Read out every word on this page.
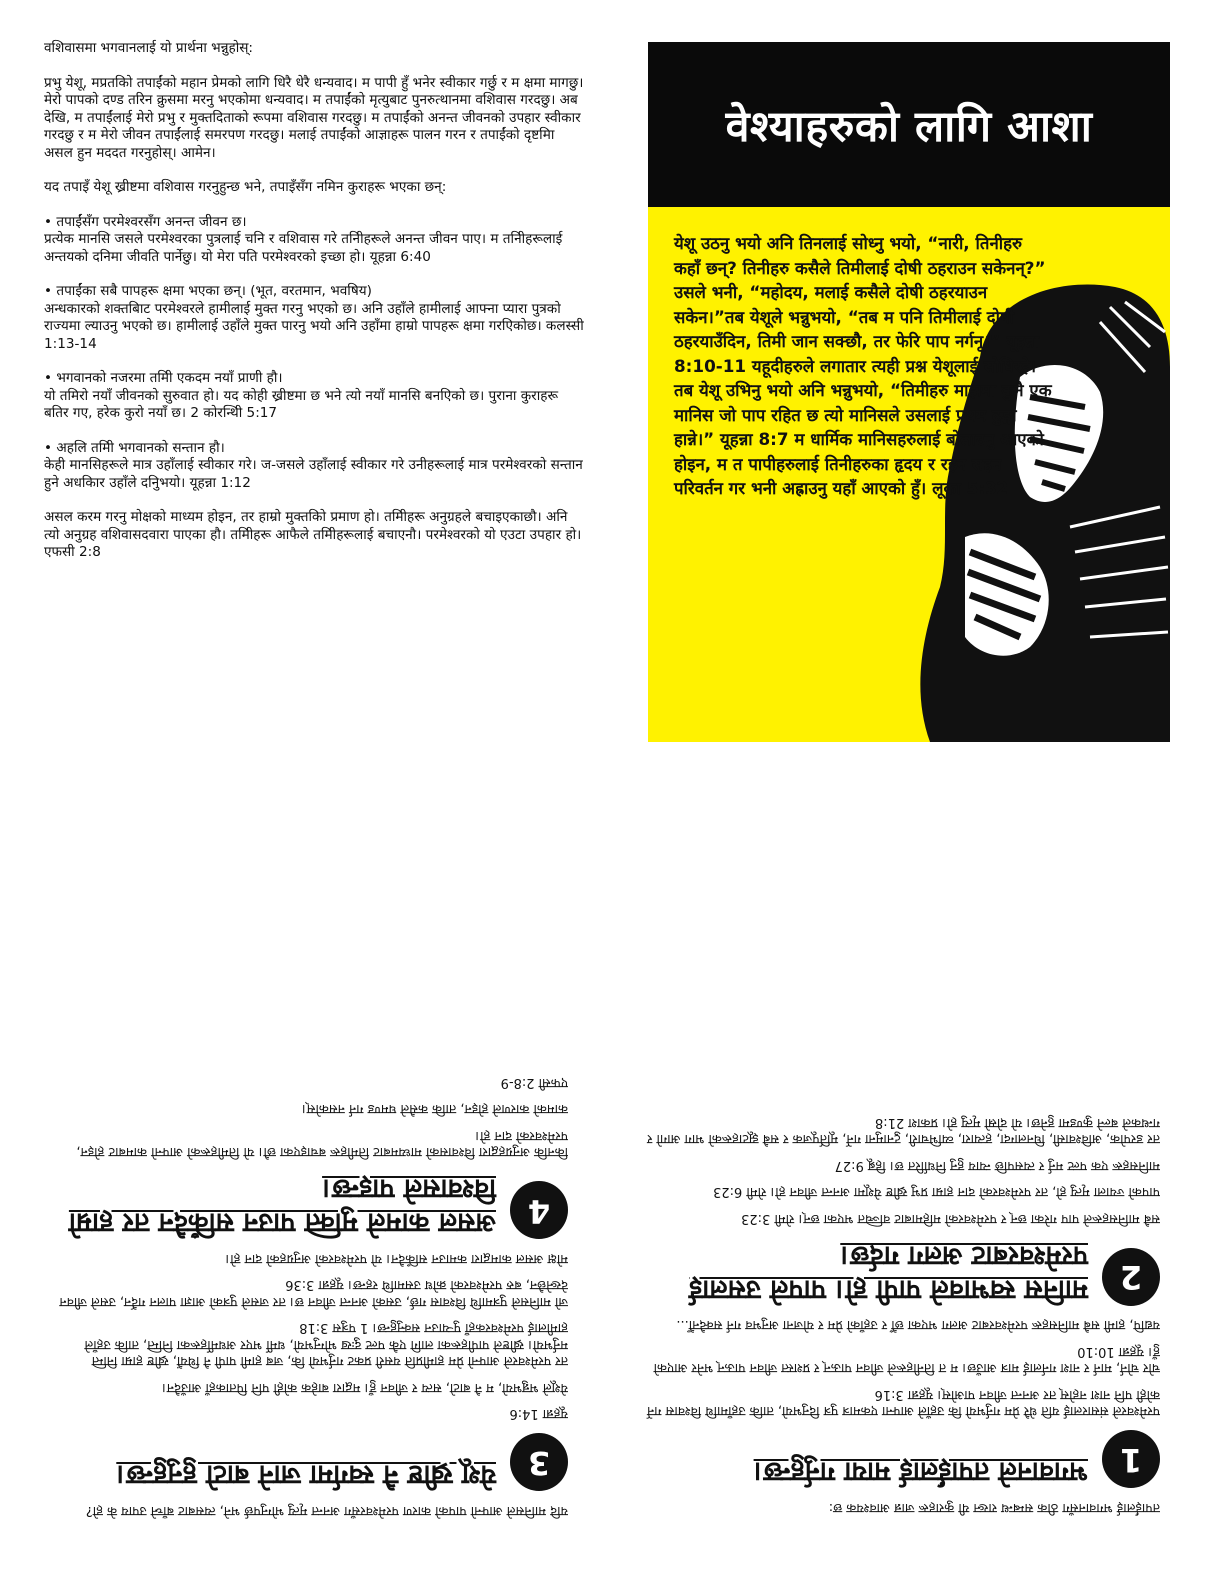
वशिवासमा भगवानलाई यो प्रार्थना भन्नुहोस्:

प्रभु येशू, मप्रतकिो तपाईंको महान प्रेमको लागि धिरै धेरै धन्यवाद। म पापी हुँ भनेर स्वीकार गर्छु र म क्षमा मागछु। मेरो पापको दण्ड तरिन क्रुसमा मरनु भएकोमा धन्यवाद। म तपाईंको मृत्युबाट पुनरुत्थानमा वशिवास गरदछु। अब देखि, म तपाईंलाई मेरो प्रभु र मुक्तदिताको रूपमा वशिवास गरदछु। म तपाईंको अनन्त जीवनको उपहार स्वीकार गरदछु र म मेरो जीवन तपाईंलाई समरपण गरदछु। मलाई तपाईंको आज्ञाहरू पालन गरन र तपाईंको दृष्टमिा असल हुन मददत गरनुहोस्। आमेन।

यद तपाइँ येशू ख्रीष्टमा वशिवास गरनुहुन्छ भने, तपाइँसँग नमिन कुराहरू भएका छन्:

• तपाईंसँग परमेश्वरसँग अनन्त जीवन छ।
प्रत्येक मानसि जसले परमेश्वरका पुत्रलाई चनि र वशिवास गरे तनिीहरूले अनन्त जीवन पाए। म तनिीहरूलाई अन्तयको दनिमा जीवति पार्नेछु। यो मेरा पति परमेश्वरको इच्छा हो। यूहन्ना 6:40
• तपाईंका सबै पापहरू क्षमा भएका छन्। (भूत, वरतमान, भवषिय)
अन्धकारको शक्तबिाट परमेश्वरले हामीलाई मुक्त गरनु भएको छ। अनि उहाँले हामीलाई आफ्ना प्यारा पुत्रको राज्यमा ल्याउनु भएको छ। हामीलाई उहाँले मुक्त पारनु भयो अनि उहाँमा हाम्रो पापहरू क्षमा गरएिकोछ। कलस्सी 1:13-14
• भगवानको नजरमा तमिी एकदम नयाँ प्राणी हौ।
यो तमिरो नयाँ जीवनको सुरुवात हो। यद कोही ख्रीष्टमा छ भने त्यो नयाँ मानसि बनएिको छ। पुराना कुराहरू बतिर गए, हरेक कुरो नयाँ छ। 2 कोरन्थिी 5:17
• अहलि तमिी भगवानको सन्तान हौ।
केही मानसिहरूले मात्र उहाँलाई स्वीकार गरे। ज-जसले उहाँलाई स्वीकार गरे उनीहरूलाई मात्र परमेश्वरको सन्तान हुने अधकिार उहाँले दनिुभयो। यूहन्ना 1:12

असल करम गरनु मोक्षको माध्यम होइन, तर हाम्रो मुक्तकिो प्रमाण हो। तमिीहरू अनुग्रहले बचाइएकाछौ। अनि त्यो अनुग्रह वशिवासदवारा पाएका हौ। तमिीहरू आफैले तमिीहरूलाई बचाएनौ। परमेश्वरको यो एउटा उपहार हो। एफसी 2:8

वेश्याहरुको लागि आशा

येशू उठनु भयो अनि तिनलाई सोध्नु भयो, “नारी, तिनीहरु कहाँ छन्? तिनीहरु कसैले तिमीलाई दोषी ठहराउन सकेनन्?” उसले भनी, “महोदय, मलाई कसैले दोषी ठहरयाउन सकेन।”तब येशूले भन्नुभयो, “तब म पनि तिमीलाई दोषी ठहरयाउँदिन, तिमी जान सक्छौ, तर फेरि पाप नर्गनू।” यूहन्ना 8:10-11 यहूदीहरुले लगातार त्यही प्रश्न येशूलाई सोधिरहे। तब येशू उभिनु भयो अनि भन्नुभयो, “तिमीहरु माझमा कुनै एक मानिस जो पाप रहित छ त्यो मानिसले उसलाई प्रथम ढुङ्गा हान्ने।” यूहन्ना 8:7 म धार्मिक मानिसहरुलाई बोलाउनु आएको होइन, म त पापीहरुलाई तिनीहरुका हृदय र रहन सहन परिवर्तन गर भनी अह्राउनु यहाँ आएको हुँ। लूका 5:32

यदि मानिसले आफ्नो पापको कारण परमेश्वरसँग अनन्त मृत्यु भोग्नुपर्छ भने, त्यसबाट बाँच्ने उपाय के हो?

3
येशू ख्रीष्ट नै स्वर्गमा जाने बाटो हुनुहुन्छ।

यूहन्ना 14:6

येशूले भन्नुभयो, म नै बाटो, सत्य र जीवन हुँ। मद्वारा बाहेक कोही पनि पिताकहाँ आउँदैन।

तर परमेश्वरले आफ्नो प्रेम हामीप्रति यसरी प्रकट गर्नुभयो कि, जब हामी पापी नै थियौं, ख्रीष्ट हाम्रा निम्ति मर्नुभयो। ख्रीष्टले पापीहरूका लागि एकै पल्ट दुःख भोग्नुभयो, धर्मी भएर अधर्मीहरूका निम्ति, ताकि उहाँले हामीलाई परमेश्वरकहाँ पुर्‍याउन सक्नुहुन्छ। 1 पत्रुस 3:18

जो मानिसले पुत्रमाथि विश्वास गर्छ, उसको अनन्त जीवन छ। तर जसले पुत्रको आज्ञा पालन गर्दैन, उसले जीवन देख्नेछैन, बरु परमेश्वरको क्रोध उसमाथि रहन्छ। यूहन्ना 3:36

मोक्ष असल कामद्वारा कमाउन सकिँदैन। यो परमेश्वरको अनुग्रहको दान हो।

4
असल कामले मुक्ति पाउन सकिँदैन तर हाम्रो विश्वासले पाइन्छ।

किनकि अनुग्रहद्वारा विश्वासको माध्यमबाट तिमीहरू बचाइएका छौ। यो तिमीहरूको आफ्नो कामबाट होइन, परमेश्वरको दान हो।

कामको कारणले होइन, ताकि कसैले घमण्ड गर्न नसकोस्।

एफसी 2:8-9

तपाईंलाई भगवानसँग ठीक सम्बन्ध राख्न यी कुराहरू जान्न आवश्यक छ:

1
भगवानले तपाईंलाई माया गर्नुहुन्छ।

परमेश्वरले संसारलाई यति धेरै प्रेम गर्नुभयो कि उहाँले आफ्ना एकमात्र पुत्र दिनुभयो, ताकि उहाँमाथि विश्वास गर्ने कोही पनि नाश नहोस् तर अनन्त जीवन पाओस्। यूहन्ना 3:16

चोर चोर्न, मार्न र नाश गर्नलाई मात्र आउँछ। म त तिनीहरूले जीवन पाऊन् र प्रशस्त जीवन पाऊन् भनेर आएको हुँ। यूहन्ना 10:10

यद्यपि, हामी सबै मानिसहरू परमेश्वरबाट अलग भएका छौँ र उहाँको प्रेम र योजना अनुभव गर्न सक्दैनौँ...

2
मानिस स्वभावले पापी हो। पापले उसलाई परमेश्वरबाट अलग गर्दछ।

सबै मानिसहरूले पाप गरेका छन् र परमेश्वरको महिमाबाट वञ्चित भएका छन्। रोमी 3:23

पापको ज्याला मृत्यु हो, तर परमेश्वरको दान हाम्रा प्रभु ख्रीष्ट येशूमा अनन्त जीवन हो। रोमी 6:23

मानिसहरू एक पल्ट मर्नु र त्यसपछि न्याय हुनु निर्धारित छ। हिब्रू 9:27

तर डरपोक, अविश्वासी, घिनलाग्दा, हत्यारा, व्यभिचारी, टुनामुना गर्ने, मूर्तिपूजक र सबै झूटाहरूको भाग आगो र गन्धकले बल्ने कुण्डमा हुनेछ। यो दोस्रो मृत्यु हो। प्रकाश 21:8
